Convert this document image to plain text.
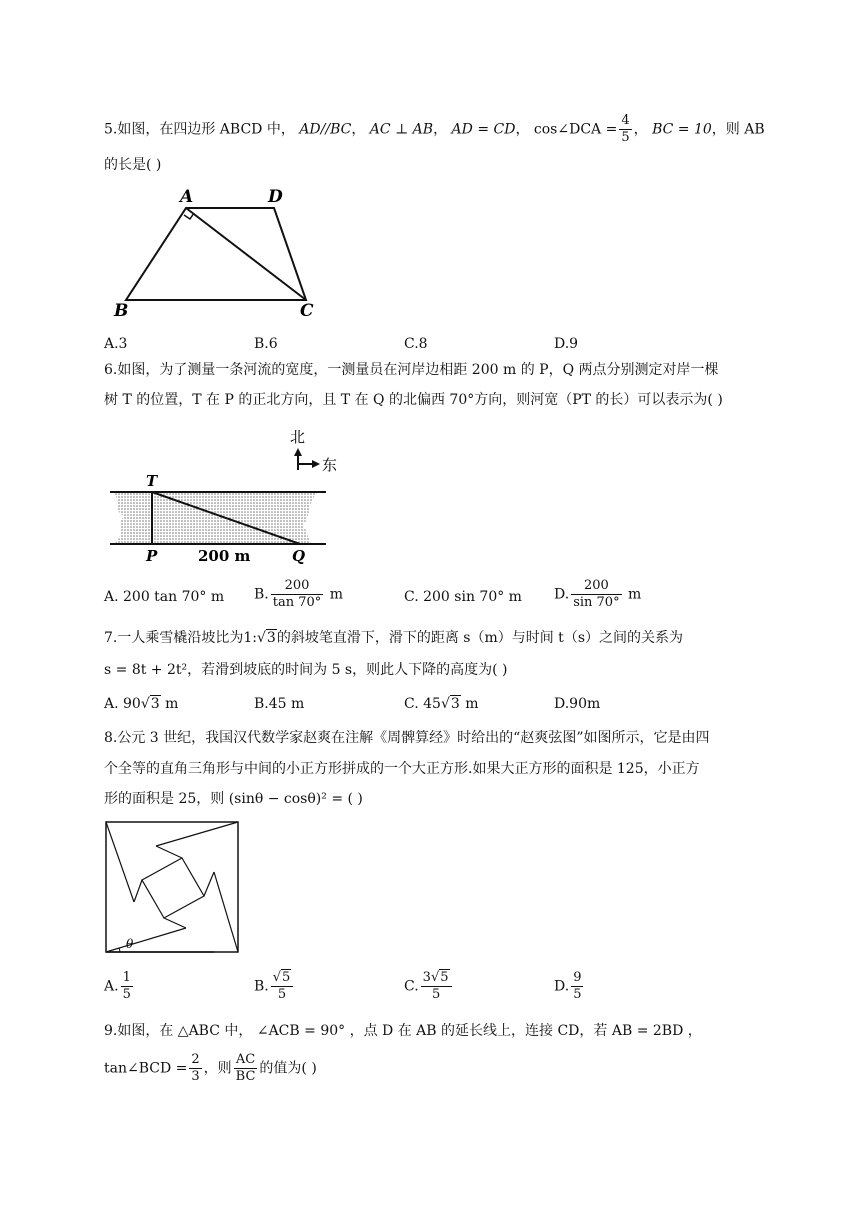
5.如图，在四边形 ABCD 中， AD//BC， AC ⊥ AB， AD = CD， cos∠DCA = $\frac{4}{5}$ ， BC = 10，则 AB
的长是( )
A	D
B	C
A.3	B.6	C.8	D.9
6.如图，为了测量一条河流的宽度，一测量员在河岸边相距 200 m 的 P，Q 两点分别测定对岸一棵
树 T 的位置，T 在 P 的正北方向，且 T 在 Q 的北偏西 70°方向，则河宽（PT 的长）可以表示为( )
北
东
T
P	200 m	Q
A. 200 tan 70° m B. $\frac{200}{\tan 70^\circ}$ m	C. 200 sin 70° m D. $\frac{200}{\sin 70^\circ}$ m
7.一人乘雪橇沿坡比为1:√3的斜坡笔直滑下，滑下的距离 s（m）与时间 t（s）之间的关系为
s = 8t + 2t²，若滑到坡底的时间为 5 s，则此人下降的高度为( )
A. 90√3 m	B.45 m	C. 45√3 m	D.90m
8.公元 3 世纪，我国汉代数学家赵爽在注解《周髀算经》时给出的“赵爽弦图”如图所示，它是由四
个全等的直角三角形与中间的小正方形拼成的一个大正方形.如果大正方形的面积是 125，小正方
形的面积是 25，则 (sinθ − cosθ)² = ( )
θ
A. $\frac{1}{5}$	B. $\frac{√5}{5}$	C. $\frac{3√5}{5}$	D. $\frac{9}{5}$
9.如图，在 △ABC 中， ∠ACB = 90° ，点 D 在 AB 的延长线上，连接 CD，若 AB = 2BD ，
tan∠BCD = $\frac{2}{3}$ ，则 $\frac{AC}{BC}$ 的值为( )
